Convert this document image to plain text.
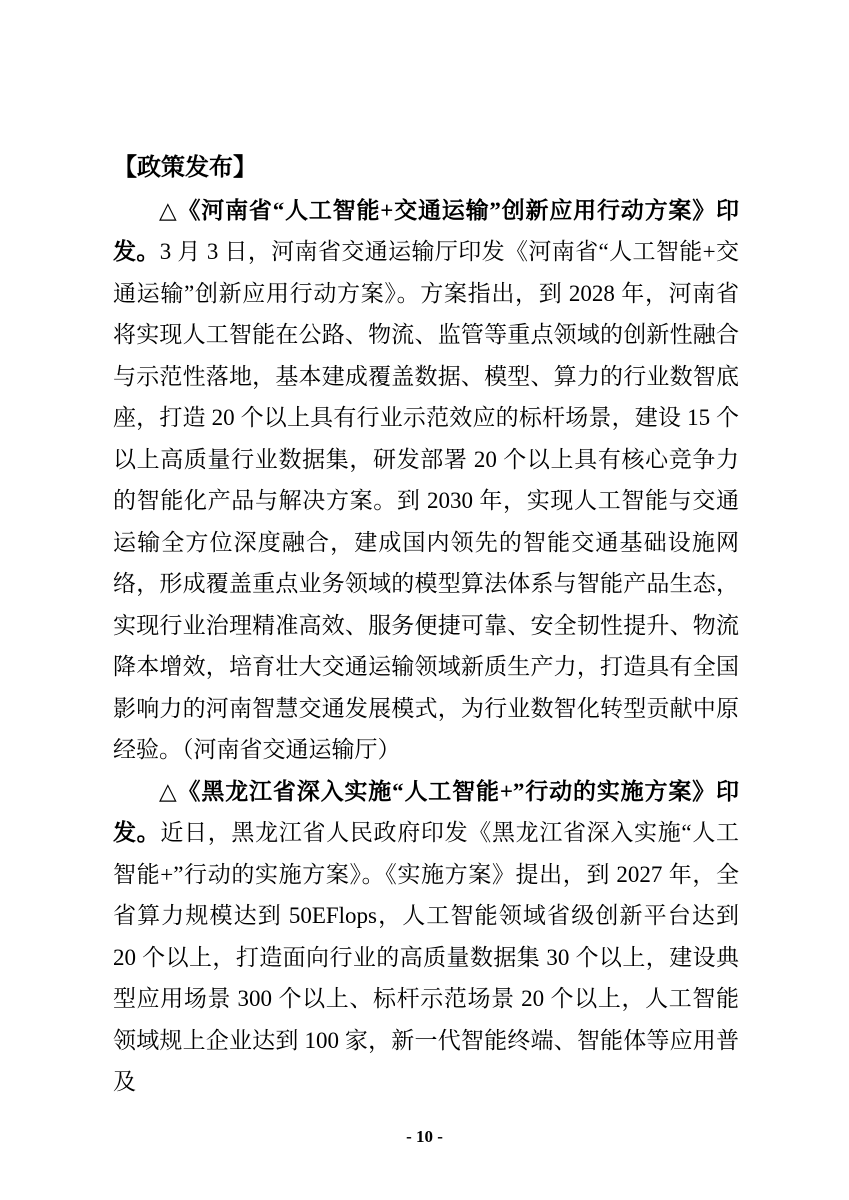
【政策发布】

△《河南省“人工智能+交通运输”创新应用行动方案》印发。3 月 3 日，河南省交通运输厅印发《河南省“人工智能+交通运输”创新应用行动方案》。方案指出，到 2028 年，河南省将实现人工智能在公路、物流、监管等重点领域的创新性融合与示范性落地，基本建成覆盖数据、模型、算力的行业数智底座，打造 20 个以上具有行业示范效应的标杆场景，建设 15 个以上高质量行业数据集，研发部署 20 个以上具有核心竞争力的智能化产品与解决方案。到 2030 年，实现人工智能与交通运输全方位深度融合，建成国内领先的智能交通基础设施网络，形成覆盖重点业务领域的模型算法体系与智能产品生态，实现行业治理精准高效、服务便捷可靠、安全韧性提升、物流降本增效，培育壮大交通运输领域新质生产力，打造具有全国影响力的河南智慧交通发展模式，为行业数智化转型贡献中原经验。（河南省交通运输厅）

△《黑龙江省深入实施“人工智能+”行动的实施方案》印发。近日，黑龙江省人民政府印发《黑龙江省深入实施“人工智能+”行动的实施方案》。《实施方案》提出，到 2027 年，全省算力规模达到 50EFlops，人工智能领域省级创新平台达到 20 个以上，打造面向行业的高质量数据集 30 个以上，建设典型应用场景 300 个以上、标杆示范场景 20 个以上，人工智能领域规上企业达到 100 家，新一代智能终端、智能体等应用普及

- 10 -
